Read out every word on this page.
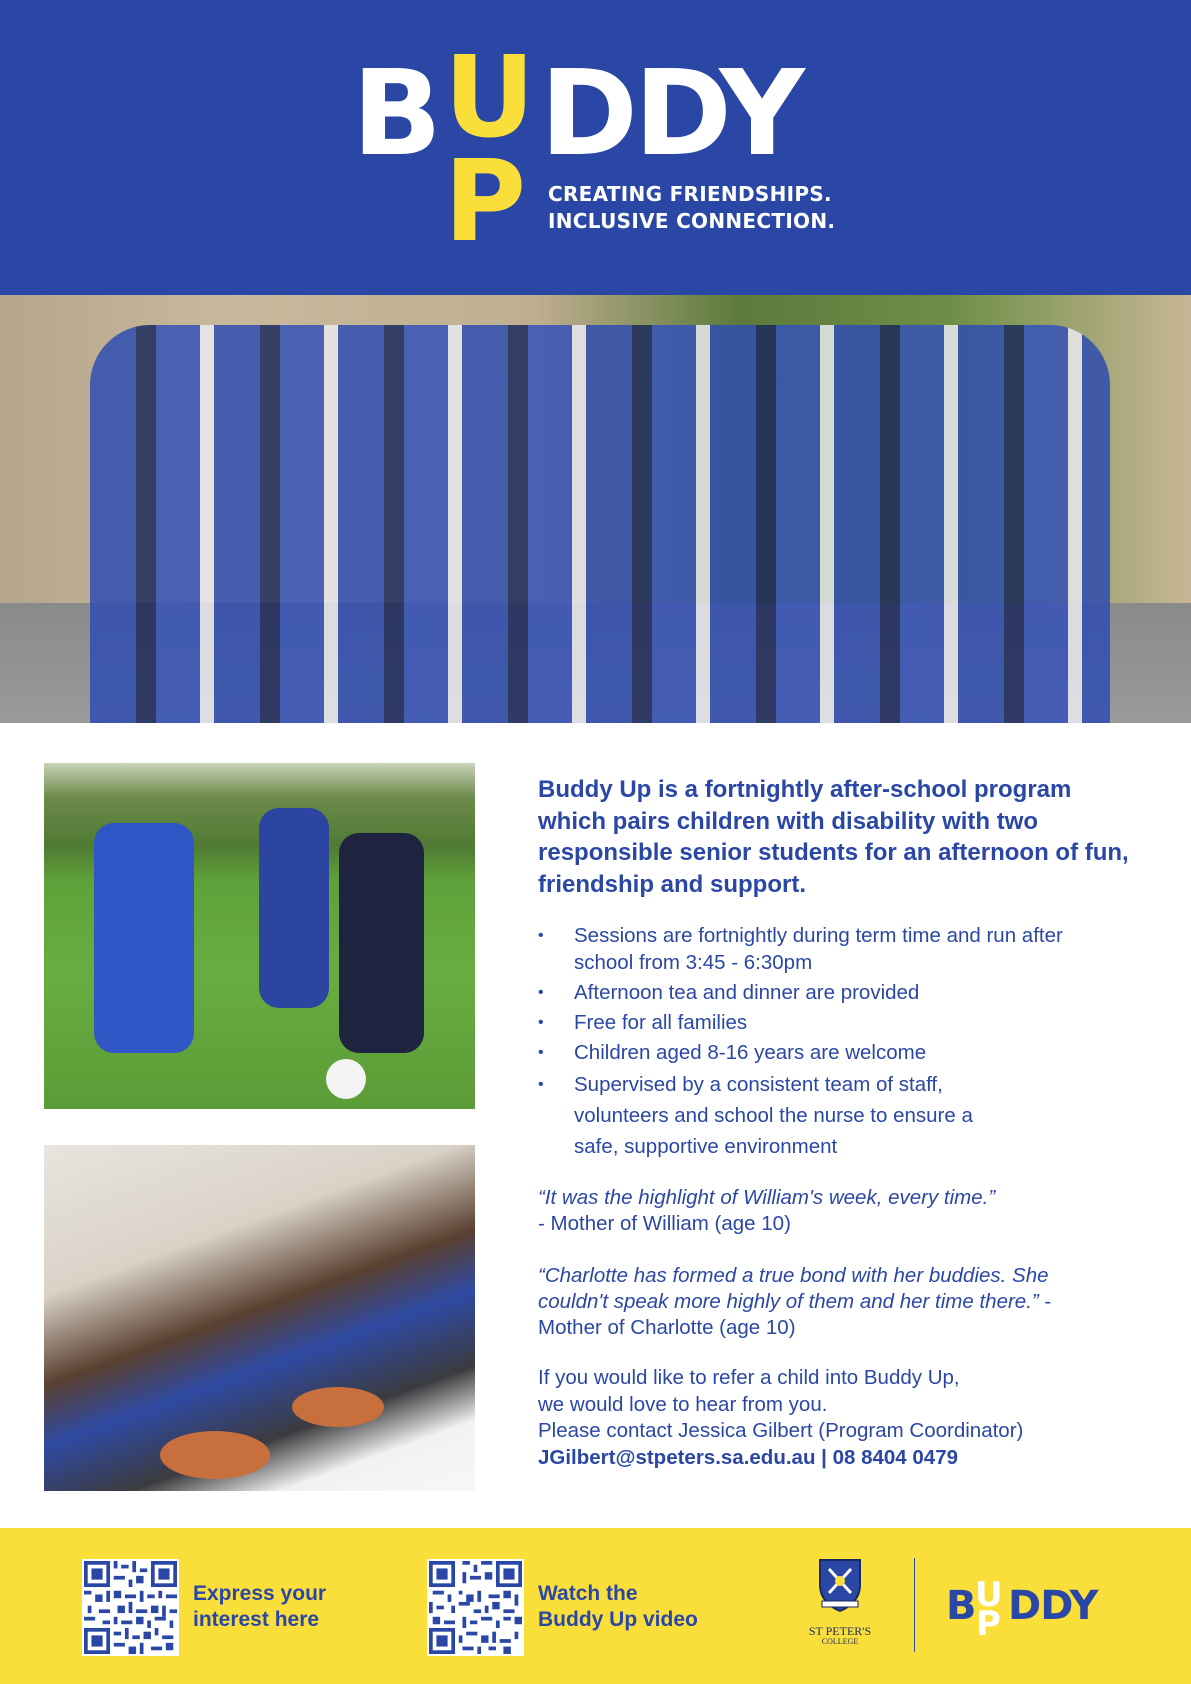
B U DDY
P CREATING FRIENDSHIPS.
INCLUSIVE CONNECTION.
Buddy Up is a fortnightly after-school program which pairs children with disability with two responsible senior students for an afternoon of fun, friendship and support.
• Sessions are fortnightly during term time and run after school from 3:45 - 6:30pm
• Afternoon tea and dinner are provided
• Free for all families
• Children aged 8-16 years are welcome
• Supervised by a consistent team of staff, volunteers and school the nurse to ensure a safe, supportive environment
“It was the highlight of William's week, every time.”
- Mother of William (age 10)
“Charlotte has formed a true bond with her buddies. She couldn't speak more highly of them and her time there.” - Mother of Charlotte (age 10)
If you would like to refer a child into Buddy Up,
we would love to hear from you.
Please contact Jessica Gilbert (Program Coordinator)
JGilbert@stpeters.sa.edu.au | 08 8404 0479
Express your
interest here
Watch the
Buddy Up video	ST PETER'S
COLLEGE
B
U DDY
P
